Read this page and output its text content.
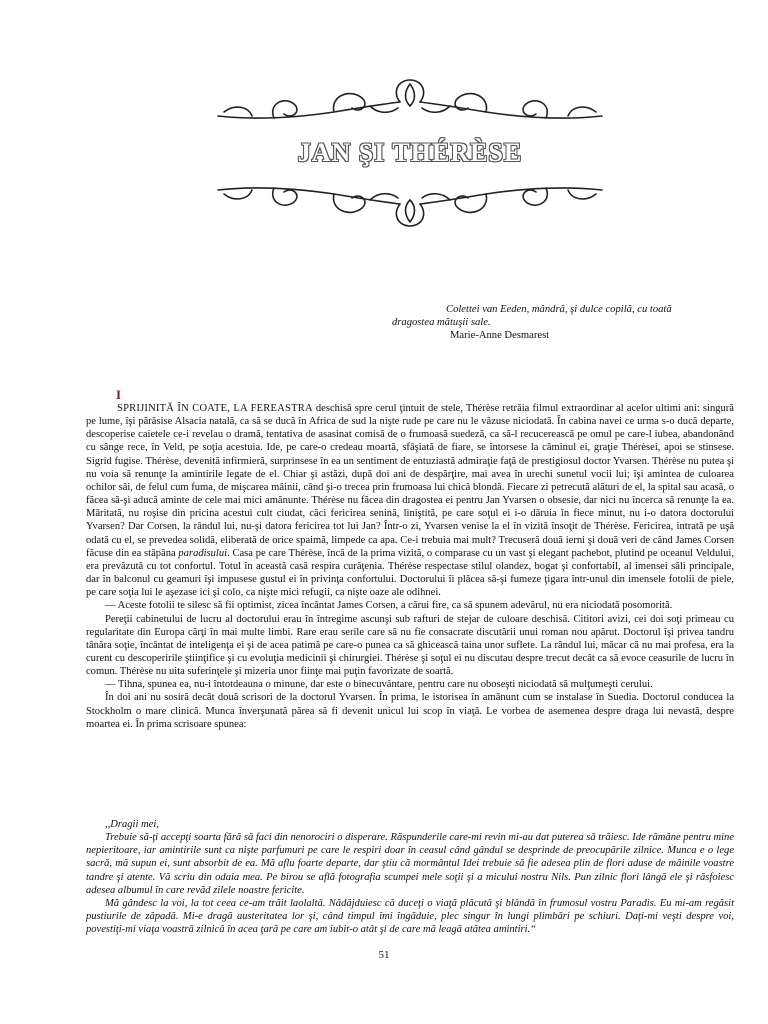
JAN ŞI THÉRÈSE
Colettei van Eeden, mândră, şi dulce copilă, cu toată
dragostea mătuşii sale.
Marie-Anne Desmarest
I

SPRIJINITĂ ÎN COATE, LA FEREASTRA deschisă spre cerul ţintuit de stele, Thérèse retrăia filmul extraordinar al acelor ultimi ani: singură pe lume, îşi părăsise Alsacia natală, ca să se ducă în Africa de sud la nişte rude pe care nu le văzuse niciodată. În cabina navei ce urma s-o ducă departe, descoperise caietele ce-i revelau o dramă, tentativa de asasinat comisă de o frumoasă suedeză, ca să-l recucerească pe omul pe care-l iubea, abandonând cu sânge rece, în Veld, pe soţia acestuia. Ide, pe care-o credeau moartă, sfâşiată de fiare, se întorsese la căminul ei, graţie Thérèsei, apoi se stinsese. Sigrid fugise. Thérèse, devenită infirmieră, surprinsese în ea un sentiment de entuziastă admiraţie faţă de prestigiosul doctor Yvarsen. Thérèse nu putea şi nu voia să renunţe la amintirile legate de el. Chiar şi astăzi, după doi ani de despărţire, mai avea în urechi sunetul vocii lui; îşi amintea de culoarea ochilor săi, de felul cum fuma, de mişcarea mâinii, când şi-o trecea prin frumoasa lui chică blondă. Fiecare zi petrecută alături de el, la spital sau acasă, o făcea să-şi aducă aminte de cele mai mici amănunte. Thérèse nu făcea din dragostea ei pentru Jan Yvarsen o obsesie, dar nici nu încerca să renunţe la ea. Măritată, nu roşise din pricina acestui cult ciudat, căci fericirea senină, liniştită, pe care soţul ei i-o dăruia în fiece minut, nu i-o datora doctorului Yvarsen? Dar Corsen, la rândul lui, nu-şi datora fericirea tot lui Jan? Într-o zi, Yvarsen venise la el în vizită însoţit de Thérèse. Fericirea, intrată pe uşă odată cu el, se prevedea solidă, eliberată de orice spaimă, limpede ca apa. Ce-i trebuia mai mult? Trecuseră două ierni şi două veri de când James Corsen făcuse din ea stăpâna paradisului. Casa pe care Thérèse, încă de la prima vizită, o comparase cu un vast şi elegant pachebot, plutind pe oceanul Veldului, era prevăzută cu tot confortul. Totul în această casă respira curăţenia. Thérèse respectase stilul olandez, bogat şi confortabil, al imensei săli principale, dar în balconul cu geamuri îşi impusese gustul ei în privinţa confortului. Doctorului îi plăcea să-şi fumeze ţigara într-unul din imensele fotolii de piele, pe care soţia lui le aşezase ici şi colo, ca nişte mici refugii, ca nişte oaze ale odihnei.

— Aceste fotolii te silesc să fii optimist, zicea încântat James Corsen, a cărui fire, ca să spunem adevărul, nu era niciodată posomorită.

Pereţii cabinetului de lucru al doctorului erau în întregime ascunşi sub rafturi de stejar de culoare deschisă. Cititori avizi, cei doi soţi primeau cu regularitate din Europa cărţi în mai multe limbi. Rare erau serile care să nu fie consacrate discutării unui roman nou apărut. Doctorul îşi privea tandru tânăra soţie, încântat de inteligenţa ei şi de acea patimă pe care-o punea ca să ghicească taina unor suflete. La rândul lui, măcar că nu mai profesa, era la curent cu descoperirile ştiinţifice şi cu evoluţia medicinii şi chirurgiei. Thérèse şi soţul ei nu discutau despre trecut decât ca să evoce ceasurile de lucru în comun. Thérèse nu uita suferinţele şi mizeria unor fiinţe mai puţin favorizate de soartă.

— Tihna, spunea ea, nu-i întotdeauna o minune, dar este o binecuvântare, pentru care nu oboseşti niciodată să mulţumeşti cerului.

În doi ani nu sosiră decât două scrisori de la doctorul Yvarsen. În prima, le istorisea în amănunt cum se instalase în Suedia. Doctorul conducea la Stockholm o mare clinică. Munca înverşunată părea să fi devenit unicul lui scop în viaţă. Le vorbea de asemenea despre draga lui nevastă, despre moartea ei. În prima scrisoare spunea:

,,Dragii mei,

Trebuie să-ţi accepţi soarta fără să faci din nenorociri o disperare. Răspunderile care-mi revin mi-au dat puterea să trăiesc. Ide rămâne pentru mine nepieritoare, iar amintirile sunt ca nişte parfumuri pe care le respiri doar în ceasul când gândul se desprinde de preocupările zilnice. Munca e o lege sacră, mă supun ei, sunt absorbit de ea. Mă aflu foarte departe, dar ştiu că mormântul Idei trebuie să fie adesea plin de flori aduse de mâinile voastre tandre şi atente. Vă scriu din odaia mea. Pe birou se află fotografia scumpei mele soţii şi a micului nostru Nils. Pun zilnic flori lângă ele şi răsfoiesc adesea albumul în care revăd zilele noastre fericite.

Mă gândesc la voi, la tot ceea ce-am trăit laolaltă. Nădăjduiesc că duceţi o viaţă plăcută şi blândă în frumosul vostru Paradis. Eu mi-am regăsit pustiurile de zăpadă. Mi-e dragă austeritatea lor şi, când timpul îmi îngăduie, plec singur în lungi plimbări pe schiuri. Daţi-mi veşti despre voi, povestiţi-mi viaţa voastră zilnică în acea ţară pe care am iubit-o atât şi de care mă leagă atâtea amintiri.“

51
